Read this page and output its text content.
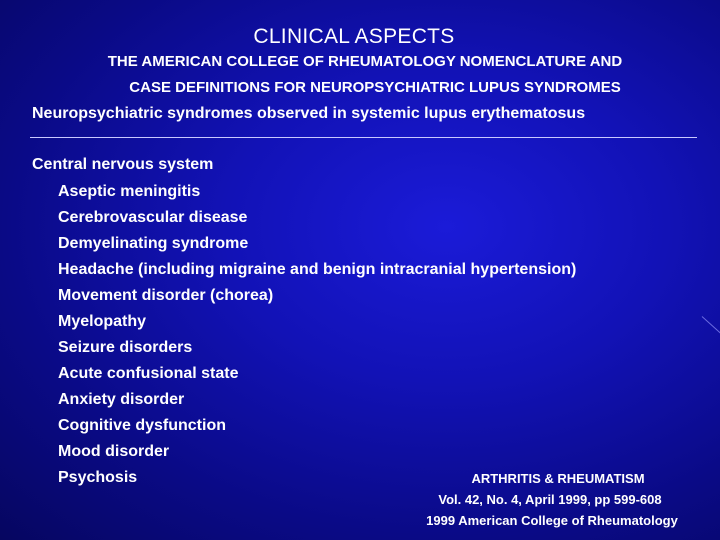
CLINICAL ASPECTS
THE AMERICAN COLLEGE OF RHEUMATOLOGY NOMENCLATURE AND
CASE DEFINITIONS FOR NEUROPSYCHIATRIC LUPUS SYNDROMES
Neuropsychiatric syndromes observed in systemic lupus erythematosus
Central nervous system
Aseptic meningitis
Cerebrovascular disease
Demyelinating syndrome
Headache (including migraine and benign intracranial hypertension)
Movement disorder (chorea)
Myelopathy
Seizure disorders
Acute confusional state
Anxiety disorder
Cognitive dysfunction
Mood disorder
Psychosis	ARTHRITIS & RHEUMATISM
Vol. 42, No. 4, April 1999, pp 599-608
1999 American College of Rheumatology
